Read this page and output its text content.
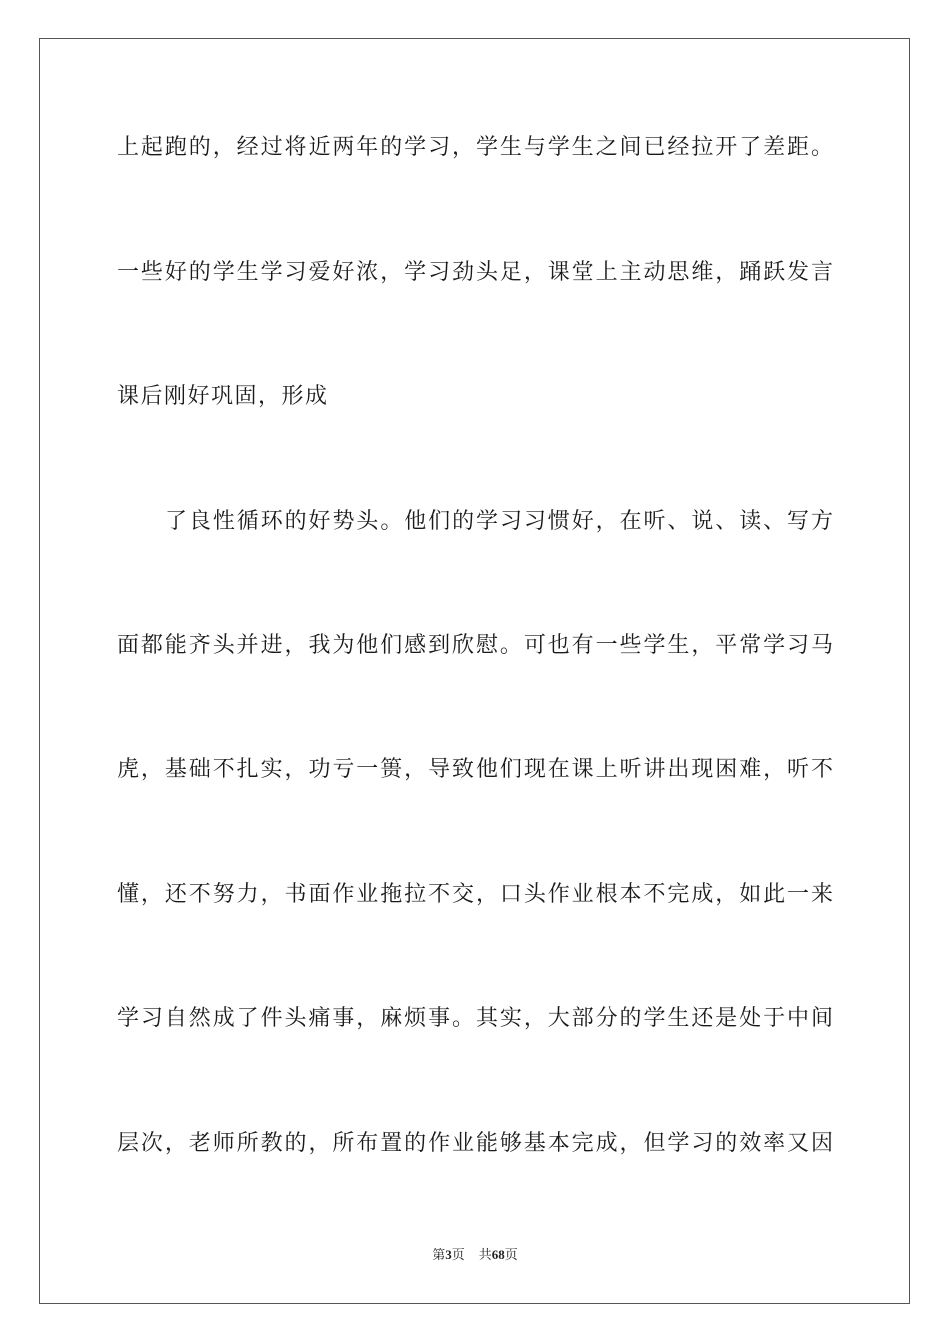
上起跑的，经过将近两年的学习，学生与学生之间已经拉开了差距。
一些好的学生学习爱好浓，学习劲头足，课堂上主动思维，踊跃发言
课后刚好巩固，形成
了良性循环的好势头。他们的学习习惯好，在听、说、读、写方
面都能齐头并进，我为他们感到欣慰。可也有一些学生，平常学习马
虎，基础不扎实，功亏一篑，导致他们现在课上听讲出现困难，听不
懂，还不努力，书面作业拖拉不交，口头作业根本不完成，如此一来
学习自然成了件头痛事，麻烦事。其实，大部分的学生还是处于中间
层次，老师所教的，所布置的作业能够基本完成，但学习的效率又因
第3页 共68页
